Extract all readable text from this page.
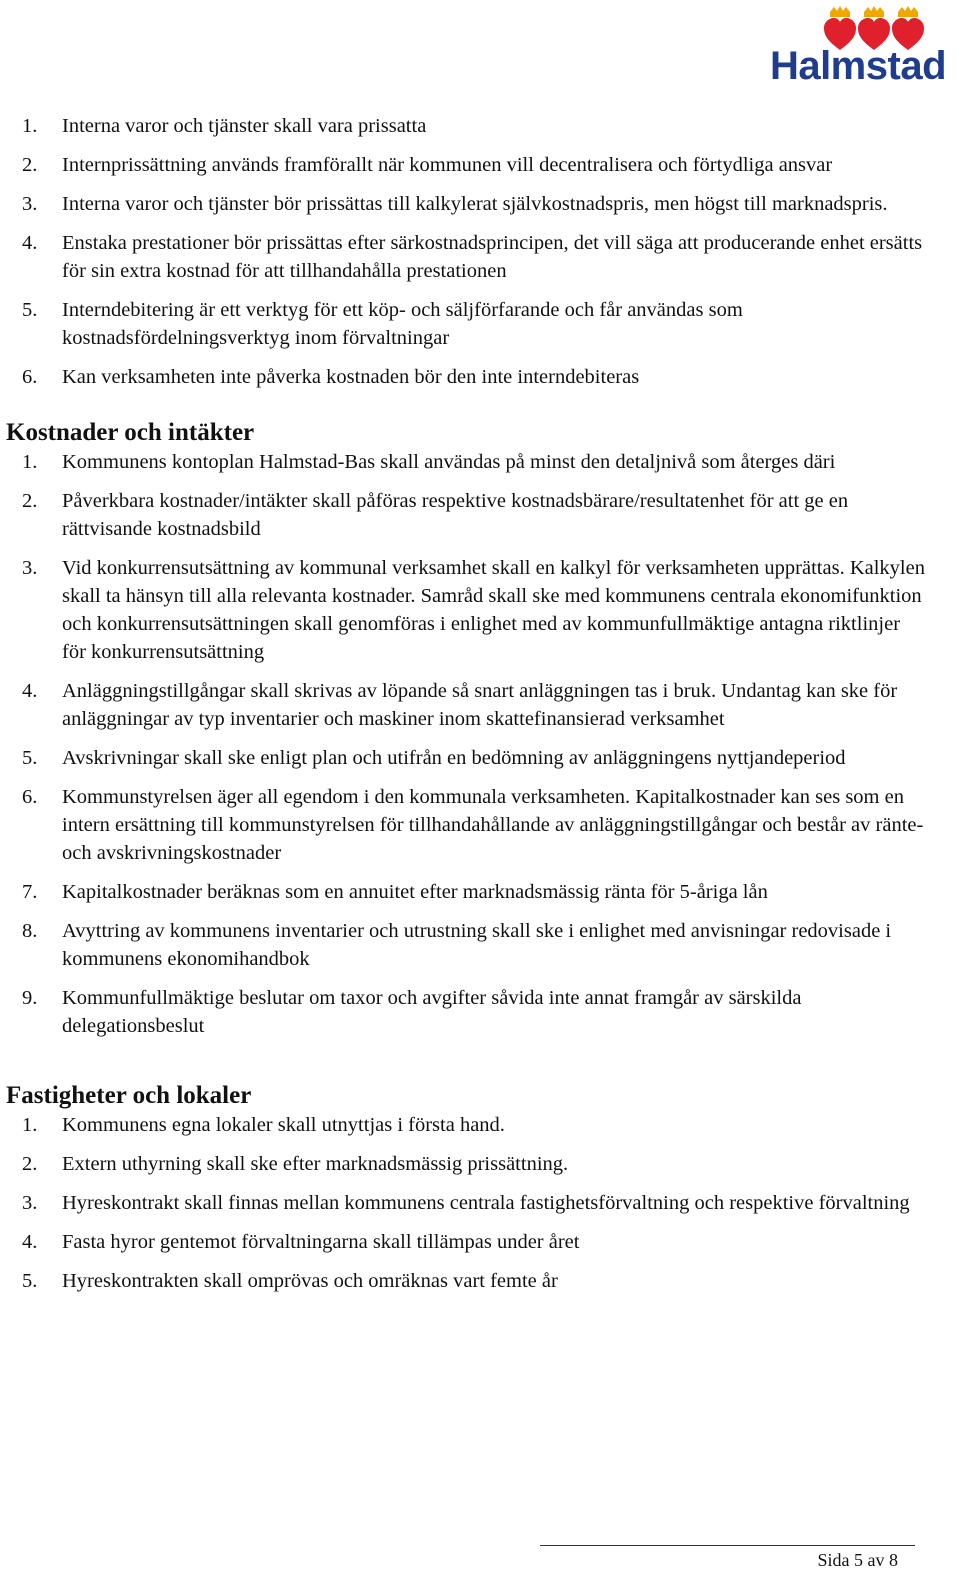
Halmstad
1. Interna varor och tjänster skall vara prissatta
2. Internprissättning används framförallt när kommunen vill decentralisera och förtydliga ansvar
3. Interna varor och tjänster bör prissättas till kalkylerat självkostnadspris, men högst till marknadspris.
4. Enstaka prestationer bör prissättas efter särkostnadsprincipen, det vill säga att producerande enhet ersätts för sin extra kostnad för att tillhandahålla prestationen
5. Interndebitering är ett verktyg för ett köp- och säljförfarande och får användas som kostnadsfördelningsverktyg inom förvaltningar
6. Kan verksamheten inte påverka kostnaden bör den inte interndebiteras
Kostnader och intäkter
1. Kommunens kontoplan Halmstad-Bas skall användas på minst den detaljnivå som återges däri
2. Påverkbara kostnader/intäkter skall påföras respektive kostnadsbärare/resultatenhet för att ge en rättvisande kostnadsbild
3. Vid konkurrensutsättning av kommunal verksamhet skall en kalkyl för verksamheten upprättas. Kalkylen skall ta hänsyn till alla relevanta kostnader. Samråd skall ske med kommunens centrala ekonomifunktion och konkurrensutsättningen skall genomföras i enlighet med av kommunfullmäktige antagna riktlinjer för konkurrensutsättning
4. Anläggningstillgångar skall skrivas av löpande så snart anläggningen tas i bruk. Undantag kan ske för anläggningar av typ inventarier och maskiner inom skattefinansierad verksamhet
5. Avskrivningar skall ske enligt plan och utifrån en bedömning av anläggningens nyttjandeperiod
6. Kommunstyrelsen äger all egendom i den kommunala verksamheten. Kapitalkostnader kan ses som en intern ersättning till kommunstyrelsen för tillhandahållande av anläggningstillgångar och består av ränte- och avskrivningskostnader
7. Kapitalkostnader beräknas som en annuitet efter marknadsmässig ränta för 5-åriga lån
8. Avyttring av kommunens inventarier och utrustning skall ske i enlighet med anvisningar redovisade i kommunens ekonomihandbok
9. Kommunfullmäktige beslutar om taxor och avgifter såvida inte annat framgår av särskilda delegationsbeslut
Fastigheter och lokaler
1. Kommunens egna lokaler skall utnyttjas i första hand.
2. Extern uthyrning skall ske efter marknadsmässig prissättning.
3. Hyreskontrakt skall finnas mellan kommunens centrala fastighetsförvaltning och respektive förvaltning
4. Fasta hyror gentemot förvaltningarna skall tillämpas under året
5. Hyreskontrakten skall omprövas och omräknas vart femte år
Sida 5 av 8
